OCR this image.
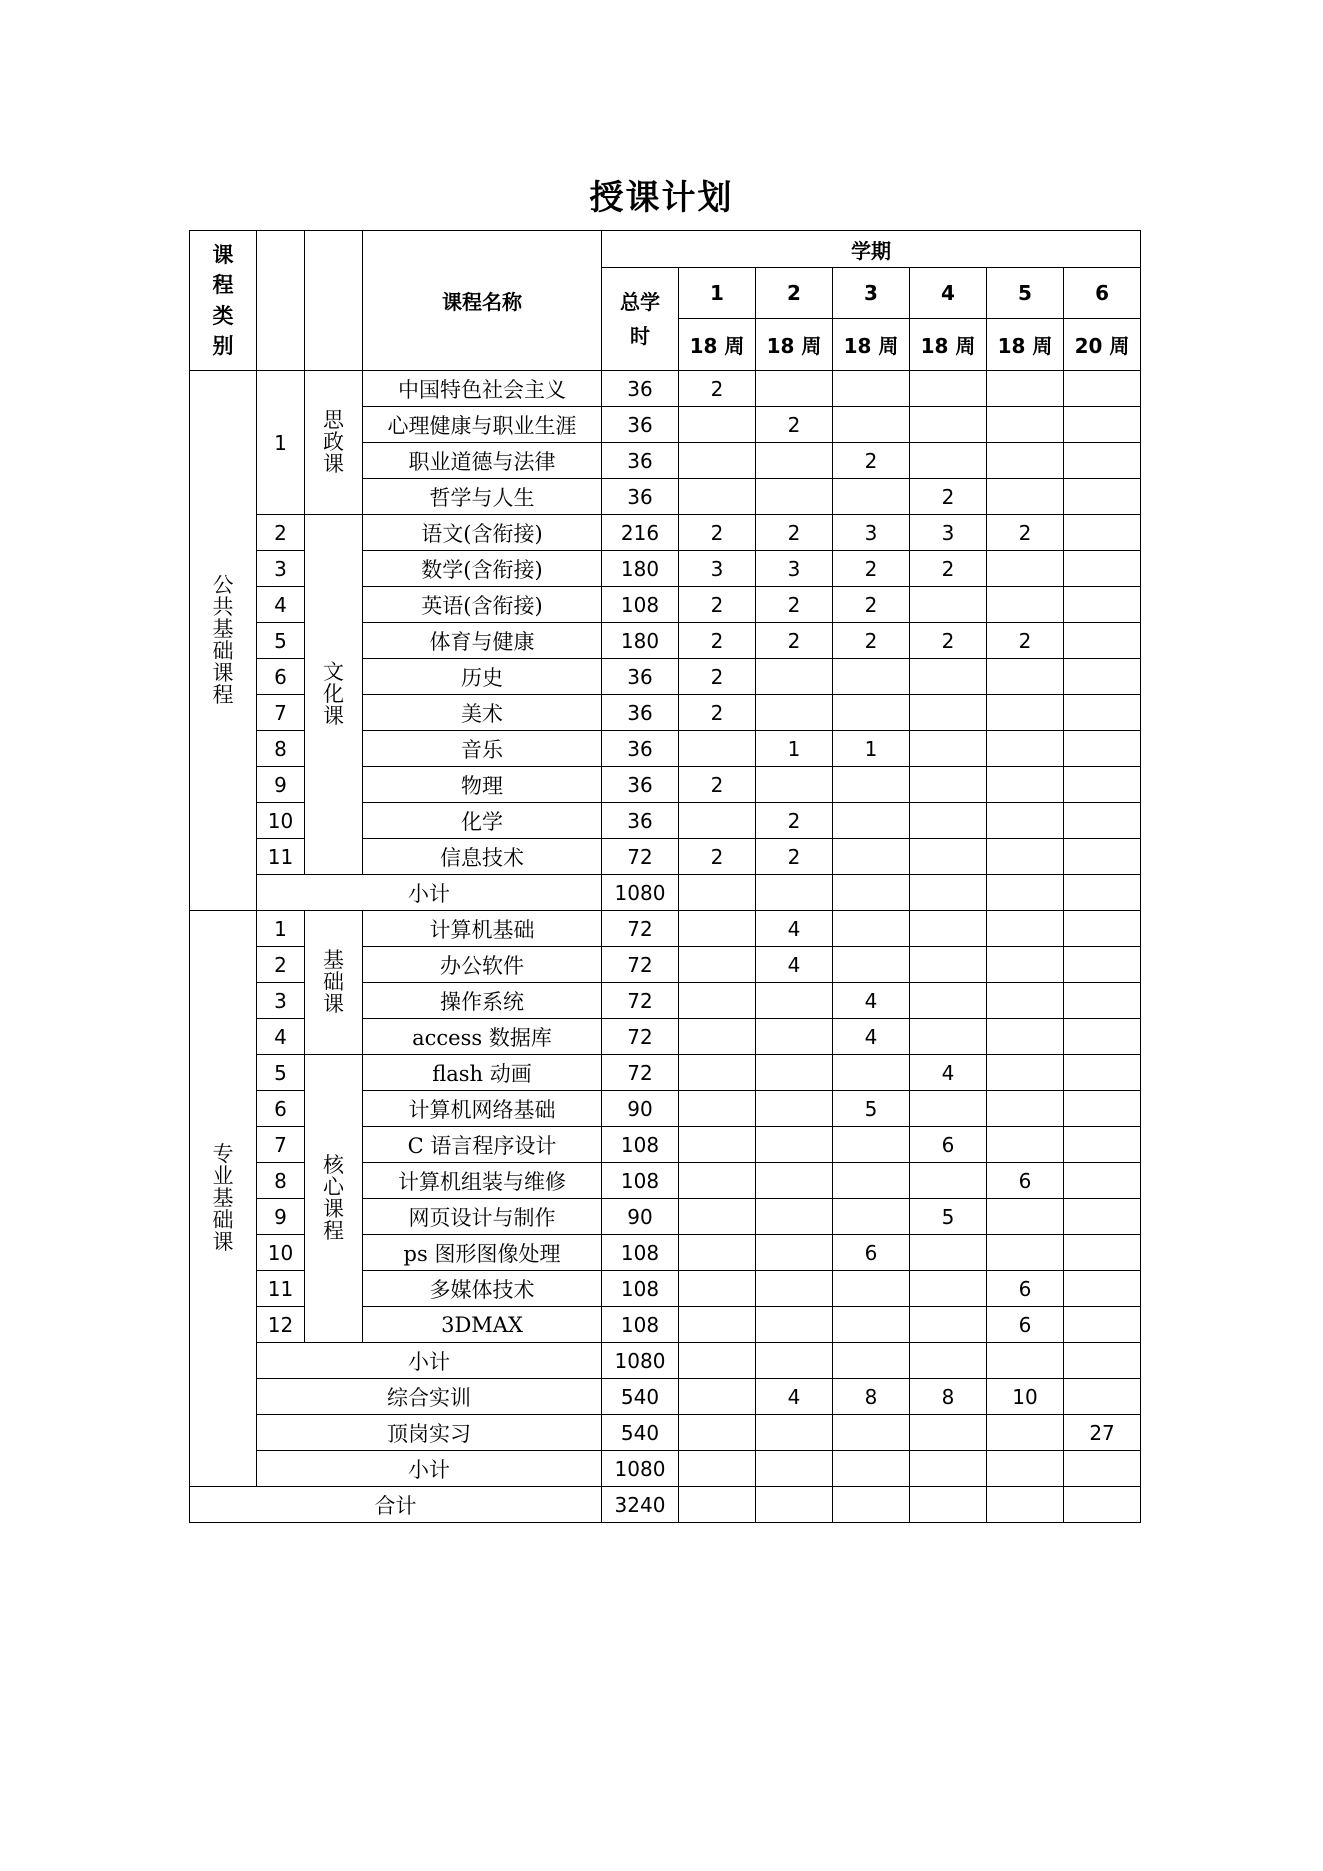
授课计划
课程类别			课程名称	学期						
				总学时	1	2	3	4	5	6
					18 周	18 周	18 周	18 周	18 周	20 周
公共基础课程	1	思政课	中国特色社会主义	36	2					
			心理健康与职业生涯	36		2				
			职业道德与法律	36			2			
			哲学与人生	36				2		
	2	文化课	语文(含衔接)	216	2	2	3	3	2	
	3		数学(含衔接)	180	3	3	2	2		
	4		英语(含衔接)	108	2	2	2			
	5		体育与健康	180	2	2	2	2	2	
	6		历史	36	2					
	7		美术	36	2					
	8		音乐	36		1	1			
	9		物理	36	2					
	10		化学	36		2				
	11		信息技术	72	2	2				
	小计			1080						
专业基础课	1	基础课	计算机基础	72		4				
	2		办公软件	72		4				
	3		操作系统	72			4			
	4		access 数据库	72			4			
	5	核心课程	flash 动画	72				4		
	6		计算机网络基础	90			5			
	7		C 语言程序设计	108				6		
	8		计算机组装与维修	108					6	
	9		网页设计与制作	90				5		
	10		ps 图形图像处理	108			6			
	11		多媒体技术	108					6	
	12		3DMAX	108					6	
	小计			1080						
	综合实训			540		4	8	8	10	
	顶岗实习			540						27
	小计			1080						
合计				3240						
